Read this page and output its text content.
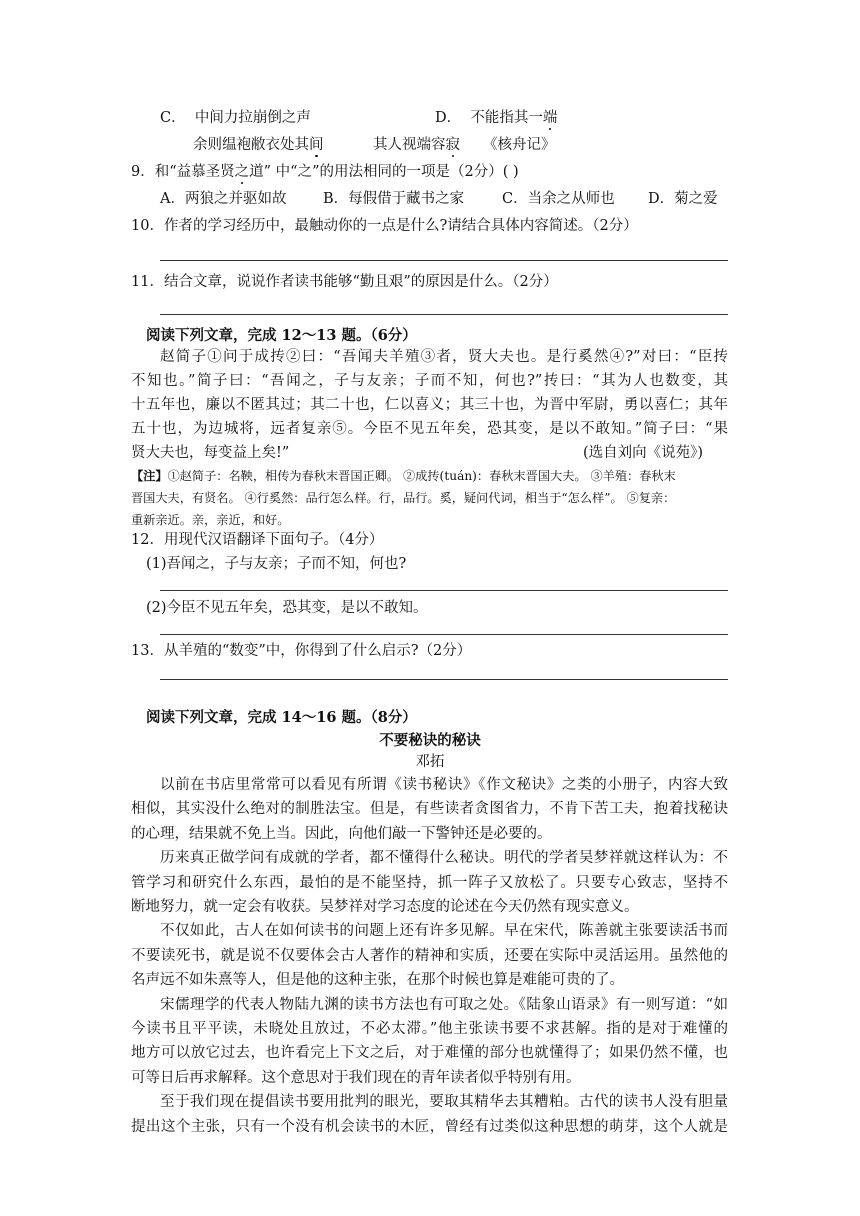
C． 中间力拉崩倒之声	D． 不能指其一端
余则缊袍敝衣处其间	其人视端容寂 《核舟记》
9．和“益慕圣贤之道” 中“之”的用法相同的一项是（2分）( )
A．两狼之并驱如故	B．每假借于藏书之家	C．当余之从师也 D．菊之爱
10．作者的学习经历中，最触动你的一点是什么?请结合具体内容简述。（2分）
11．结合文章，说说作者读书能够“勤且艰”的原因是什么。（2分）
阅读下列文章，完成 12～13 题。（6分）
赵简子①问于成抟②曰：“吾闻夫羊殖③者，贤大夫也。是行奚然④?”对曰：“臣抟
不知也。”简子曰：“吾闻之，子与友亲；子而不知，何也?”抟曰：“其为人也数变，其
十五年也，廉以不匿其过；其二十也，仁以喜义；其三十也，为晋中军尉，勇以喜仁；其年
五十也，为边城将，远者复亲⑤。今臣不见五年矣，恐其变，是以不敢知。”简子曰：“果
贤大夫也，每变益上矣!”	(选自刘向《说苑》)
【注】①赵简子：名鞅，相传为春秋末晋国正卿。 ②成抟(tuán)：春秋末晋国大夫。 ③羊殖：春秋末
晋国大夫，有贤名。 ④行奚然：品行怎么样。行，品行。奚，疑问代词，相当于“怎么样”。 ⑤复亲：
重新亲近。亲，亲近，和好。
12．用现代汉语翻译下面句子。（4分）
(1)吾闻之，子与友亲；子而不知，何也?
(2)今臣不见五年矣，恐其变，是以不敢知。
13．从羊殖的“数变”中，你得到了什么启示?（2分）
阅读下列文章，完成 14～16 题。（8分）
不要秘诀的秘诀
邓拓
以前在书店里常常可以看见有所谓《读书秘诀》《作文秘诀》之类的小册子，内容大致
相似，其实没什么绝对的制胜法宝。但是，有些读者贪图省力，不肯下苦工夫，抱着找秘诀
的心理，结果就不免上当。因此，向他们敲一下警钟还是必要的。
历来真正做学问有成就的学者，都不懂得什么秘诀。明代的学者吴梦祥就这样认为：不
管学习和研究什么东西，最怕的是不能坚持，抓一阵子又放松了。只要专心致志，坚持不
断地努力，就一定会有收获。吴梦祥对学习态度的论述在今天仍然有现实意义。
不仅如此，古人在如何读书的问题上还有许多见解。早在宋代，陈善就主张要读活书而
不要读死书，就是说不仅要体会古人著作的精神和实质，还要在实际中灵活运用。虽然他的
名声远不如朱熹等人，但是他的这种主张，在那个时候也算是难能可贵的了。
宋儒理学的代表人物陆九渊的读书方法也有可取之处。《陆象山语录》有一则写道：“如
今读书且平平读，未晓处且放过，不必太滞。”他主张读书要不求甚解。指的是对于难懂的
地方可以放它过去，也许看完上下文之后，对于难懂的部分也就懂得了；如果仍然不懂，也
可等日后再求解释。这个意思对于我们现在的青年读者似乎特别有用。
至于我们现在提倡读书要用批判的眼光，要取其精华去其糟粕。古代的读书人没有胆量
提出这个主张，只有一个没有机会读书的木匠，曾经有过类似这种思想的萌芽，这个人就是
